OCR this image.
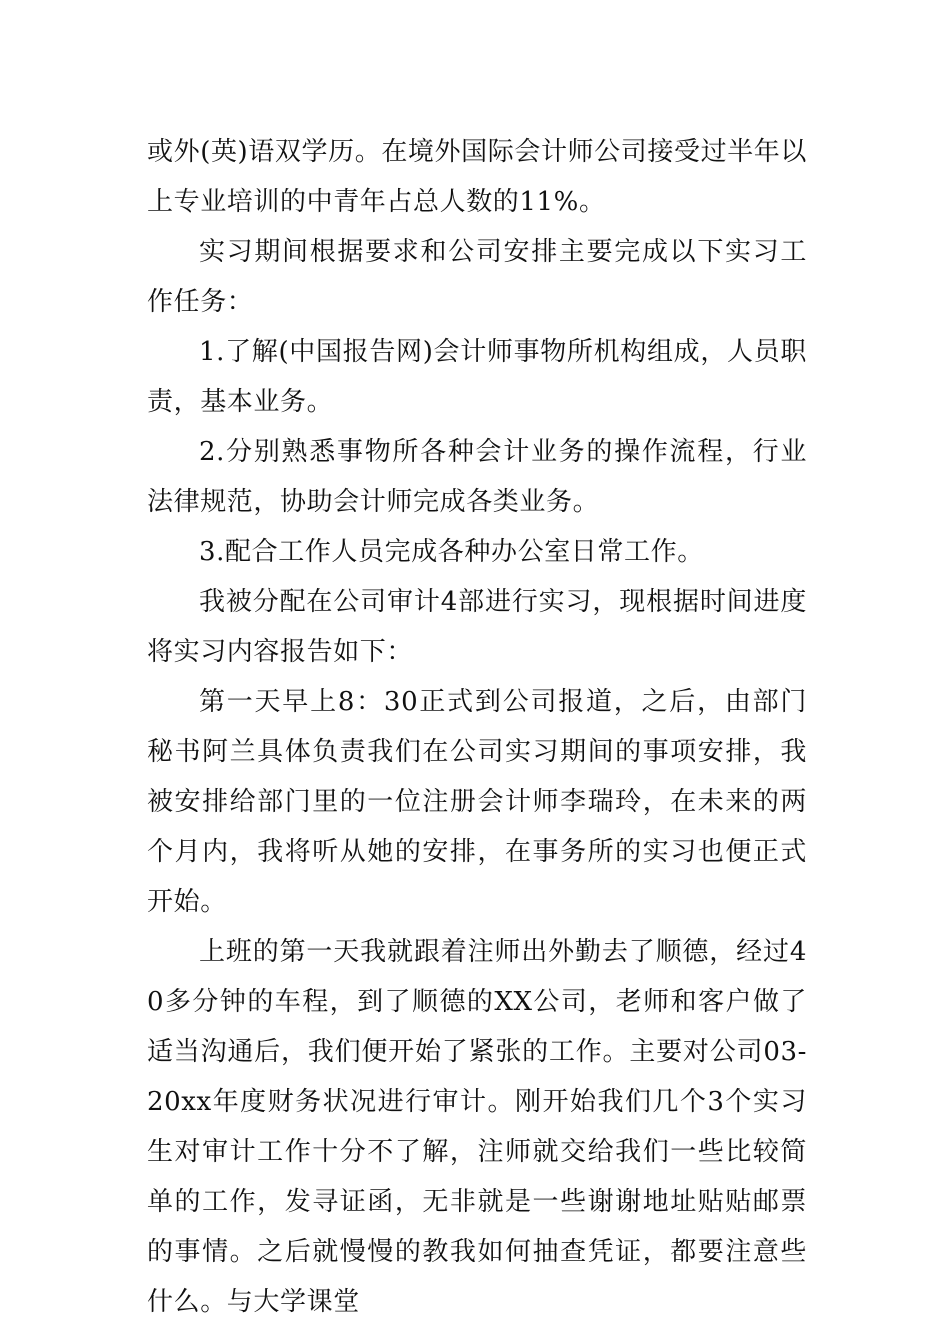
或外(英)语双学历。在境外国际会计师公司接受过半年以上专业培训的中青年占总人数的11%。

实习期间根据要求和公司安排主要完成以下实习工作任务：

1.了解(中国报告网)会计师事物所机构组成，人员职责，基本业务。

2.分别熟悉事物所各种会计业务的操作流程，行业法律规范，协助会计师完成各类业务。

3.配合工作人员完成各种办公室日常工作。

我被分配在公司审计4部进行实习，现根据时间进度将实习内容报告如下：

第一天早上8：30正式到公司报道，之后，由部门秘书阿兰具体负责我们在公司实习期间的事项安排，我被安排给部门里的一位注册会计师李瑞玲，在未来的两个月内，我将听从她的安排，在事务所的实习也便正式开始。

上班的第一天我就跟着注师出外勤去了顺德，经过40多分钟的车程，到了顺德的XX公司，老师和客户做了适当沟通后，我们便开始了紧张的工作。主要对公司03-20xx年度财务状况进行审计。刚开始我们几个3个实习生对审计工作十分不了解，注师就交给我们一些比较简单的工作，发寻证函，无非就是一些谢谢地址贴贴邮票的事情。之后就慢慢的教我如何抽查凭证，都要注意些什么。与大学课堂
